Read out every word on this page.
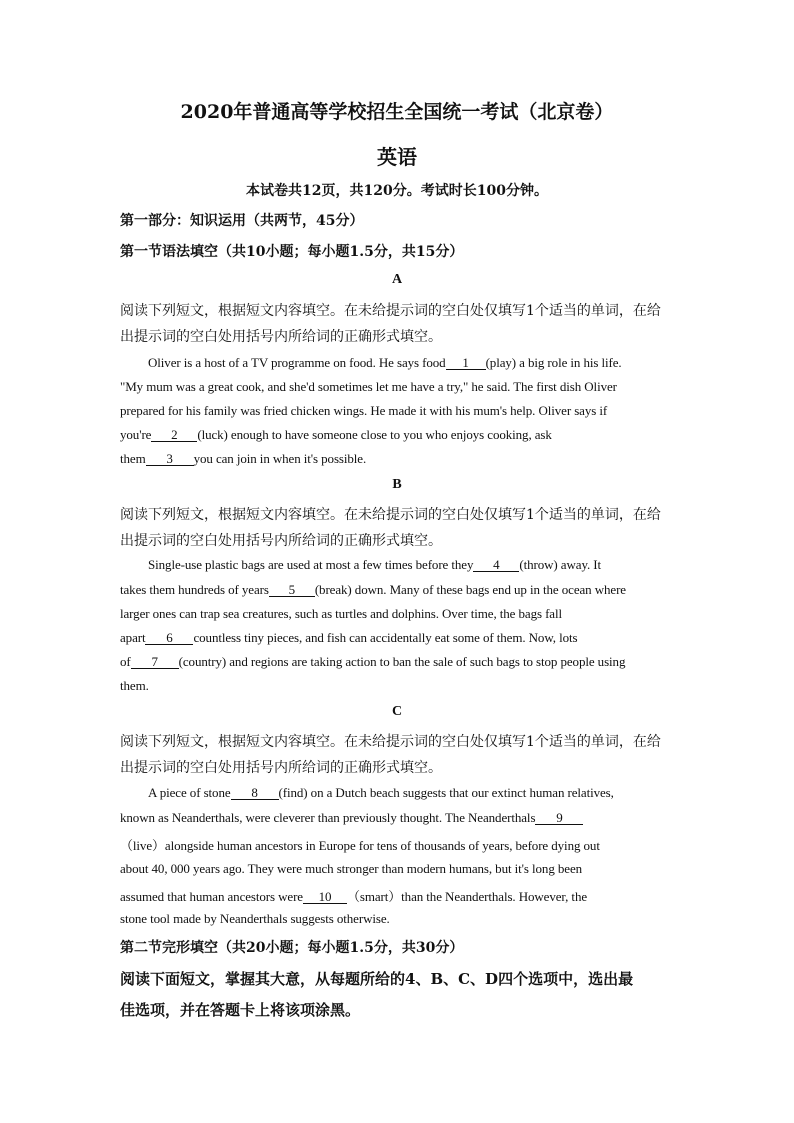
2020年普通高等学校招生全国统一考试（北京卷）
英语
本试卷共12页，共120分。考试时长100分钟。
第一部分：知识运用（共两节，45分）
第一节语法填空（共10小题；每小题1.5分，共15分）
A
阅读下列短文，根据短文内容填空。在未给提示词的空白处仅填写1个适当的单词，在给
出提示词的空白处用括号内所给词的正确形式填空。
Oliver is a host of a TV programme on food. He says food 1 (play) a big role in his life.
"My mum was a great cook, and she'd sometimes let me have a try," he said. The first dish Oliver
prepared for his family was fried chicken wings. He made it with his mum's help. Oliver says if
you're 2 (luck) enough to have someone close to you who enjoys cooking, ask
them 3 you can join in when it's possible.
B
阅读下列短文，根据短文内容填空。在未给提示词的空白处仅填写1个适当的单词，在给
出提示词的空白处用括号内所给词的正确形式填空。
Single-use plastic bags are used at most a few times before they 4 (throw) away. It
takes them hundreds of years 5 (break) down. Many of these bags end up in the ocean where
larger ones can trap sea creatures, such as turtles and dolphins. Over time, the bags fall
apart 6 countless tiny pieces, and fish can accidentally eat some of them. Now, lots
of 7 (country) and regions are taking action to ban the sale of such bags to stop people using
them.
C
阅读下列短文，根据短文内容填空。在未给提示词的空白处仅填写1个适当的单词，在给
出提示词的空白处用括号内所给词的正确形式填空。
A piece of stone 8 (find) on a Dutch beach suggests that our extinct human relatives,
known as Neanderthals, were cleverer than previously thought. The Neanderthals 9
（live）alongside human ancestors in Europe for tens of thousands of years, before dying out
about 40, 000 years ago. They were much stronger than modern humans, but it's long been
assumed that human ancestors were 10 （smart）than the Neanderthals. However, the
stone tool made by Neanderthals suggests otherwise.
第二节完形填空（共20小题；每小题1.5分，共30分）
阅读下面短文，掌握其大意，从每题所给的4、B、C、D四个选项中，选出最
佳选项，并在答题卡上将该项涂黑。
